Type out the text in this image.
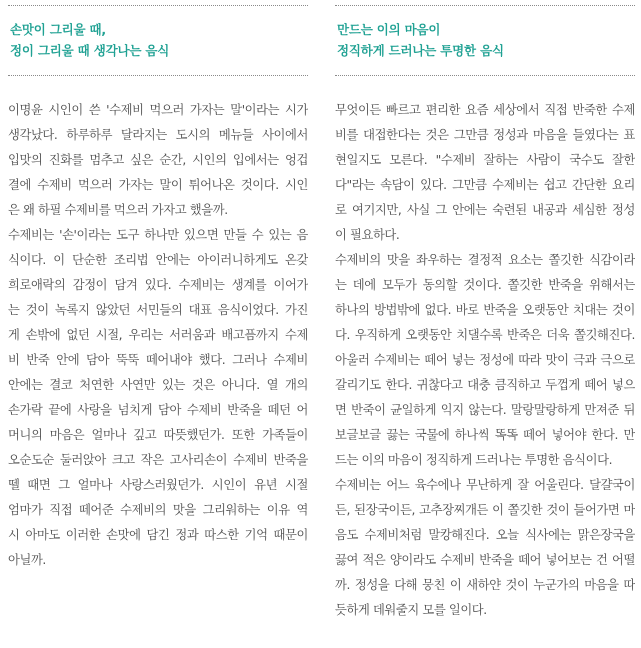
손맛이 그리울 때,
정이 그리울 때 생각나는 음식
이명윤 시인이 쓴 '수제비 먹으러 가자는 말'이라는 시가
생각났다. 하루하루 달라지는 도시의 메뉴들 사이에서
입맛의 진화를 멈추고 싶은 순간, 시인의 입에서는 엉겁
결에 수제비 먹으러 가자는 말이 튀어나온 것이다. 시인
은 왜 하필 수제비를 먹으러 가자고 했을까.
수제비는 '손'이라는 도구 하나만 있으면 만들 수 있는 음
식이다. 이 단순한 조리법 안에는 아이러니하게도 온갖
희로애락의 감정이 담겨 있다. 수제비는 생계를 이어가
는 것이 녹록지 않았던 서민들의 대표 음식이었다. 가진
게 손밖에 없던 시절, 우리는 서러움과 배고픔까지 수제
비 반죽 안에 담아 뚝뚝 떼어내야 했다. 그러나 수제비
안에는 결코 처연한 사연만 있는 것은 아니다. 열 개의
손가락 끝에 사랑을 넘치게 담아 수제비 반죽을 떼던 어
머니의 마음은 얼마나 깊고 따뜻했던가. 또한 가족들이
오순도순 둘러앉아 크고 작은 고사리손이 수제비 반죽을
뗄 때면 그 얼마나 사랑스러웠던가. 시인이 유년 시절
엄마가 직접 떼어준 수제비의 맛을 그리워하는 이유 역
시 아마도 이러한 손맛에 담긴 정과 따스한 기억 때문이
아닐까.
만드는 이의 마음이
정직하게 드러나는 투명한 음식
무엇이든 빠르고 편리한 요즘 세상에서 직접 반죽한 수제
비를 대접한다는 것은 그만큼 정성과 마음을 들였다는 표
현일지도 모른다. "수제비 잘하는 사람이 국수도 잘한
다"라는 속담이 있다. 그만큼 수제비는 쉽고 간단한 요리
로 여기지만, 사실 그 안에는 숙련된 내공과 세심한 정성
이 필요하다.
수제비의 맛을 좌우하는 결정적 요소는 쫄깃한 식감이라
는 데에 모두가 동의할 것이다. 쫄깃한 반죽을 위해서는
하나의 방법밖에 없다. 바로 반죽을 오랫동안 치대는 것이
다. 우직하게 오랫동안 치댈수록 반죽은 더욱 쫄깃해진다.
아울러 수제비는 떼어 넣는 정성에 따라 맛이 극과 극으로
갈리기도 한다. 귀찮다고 대충 큼직하고 두껍게 떼어 넣으
면 반죽이 균일하게 익지 않는다. 말랑말랑하게 만져준 뒤
보글보글 끓는 국물에 하나씩 똑똑 떼어 넣어야 한다. 만
드는 이의 마음이 정직하게 드러나는 투명한 음식이다.
수제비는 어느 육수에나 무난하게 잘 어울린다. 달걀국이
든, 된장국이든, 고추장찌개든 이 쫄깃한 것이 들어가면 마
음도 수제비처럼 말캉해진다. 오늘 식사에는 맑은장국을
끓여 적은 양이라도 수제비 반죽을 떼어 넣어보는 건 어떨
까. 정성을 다해 뭉친 이 새하얀 것이 누군가의 마음을 따
듯하게 데워줄지 모를 일이다.
